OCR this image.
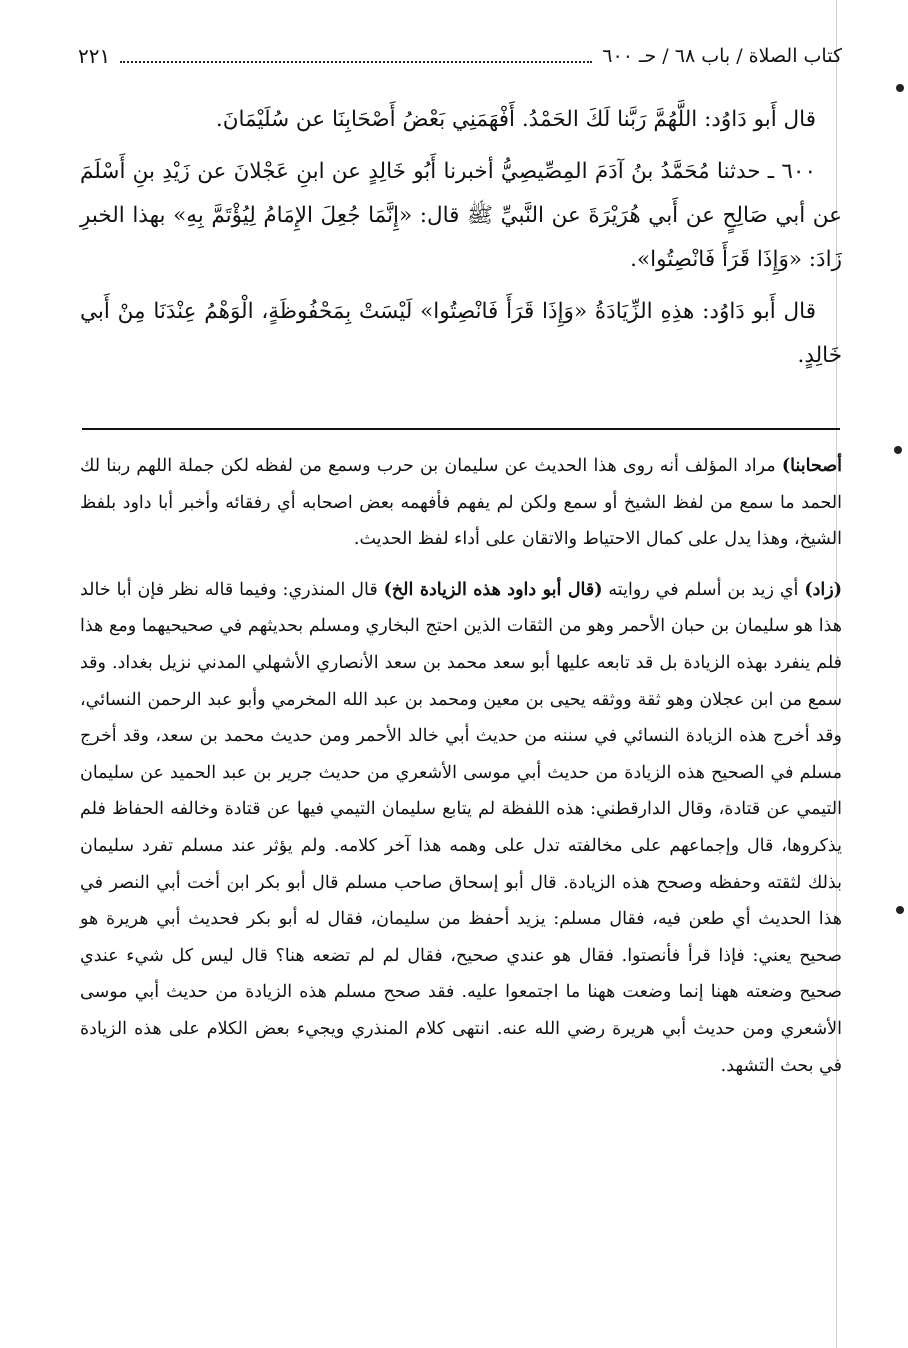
كتاب الصلاة / باب ٦٨ / حـ ٦٠٠
٢٢١

قال أَبو دَاوُد: اللَّهُمَّ رَبَّنا لَكَ الحَمْدُ. أَفْهَمَنِي بَعْضُ أَصْحَابِنَا عن سُلَيْمَانَ.

٦٠٠ ـ حدثنا مُحَمَّدُ بنُ آدَمَ المِصِّيصِيُّ أخبرنا أَبُو خَالِدٍ عن ابنِ عَجْلانَ عن زَيْدِ بنِ أَسْلَمَ عن أبي صَالِحٍ عن أَبي هُرَيْرَةَ عن النَّبيِّ ﷺ قال: «إِنَّمَا جُعِلَ الإِمَامُ لِيُؤْتَمَّ بِهِ» بهذا الخبرِ زَادَ: «وَإِذَا قَرَأَ فَانْصِتُوا».

قال أَبو دَاوُد: هذِهِ الزِّيَادَةُ «وَإِذَا قَرَأَ فَانْصِتُوا» لَيْسَتْ بِمَحْفُوظَةٍ، الْوَهْمُ عِنْدَنَا مِنْ أَبي خَالِدٍ.

أصحابنا) مراد المؤلف أنه روى هذا الحديث عن سليمان بن حرب وسمع من لفظه لكن جملة اللهم ربنا لك الحمد ما سمع من لفظ الشيخ أو سمع ولكن لم يفهم فأفهمه بعض اصحابه أي رفقائه وأخبر أبا داود بلفظ الشيخ، وهذا يدل على كمال الاحتياط والاتقان على أداء لفظ الحديث.

(زاد) أي زيد بن أسلم في روايته (قال أبو داود هذه الزيادة الخ) قال المنذري: وفيما قاله نظر فإن أبا خالد هذا هو سليمان بن حبان الأحمر وهو من الثقات الذين احتج البخاري ومسلم بحديثهم في صحيحيهما ومع هذا فلم ينفرد بهذه الزيادة بل قد تابعه عليها أبو سعد محمد بن سعد الأنصاري الأشهلي المدني نزيل بغداد. وقد سمع من ابن عجلان وهو ثقة ووثقه يحيى بن معين ومحمد بن عبد الله المخرمي وأبو عبد الرحمن النسائي، وقد أخرج هذه الزيادة النسائي في سننه من حديث أبي خالد الأحمر ومن حديث محمد بن سعد، وقد أخرج مسلم في الصحيح هذه الزيادة من حديث أبي موسى الأشعري من حديث جرير بن عبد الحميد عن سليمان التيمي عن قتادة، وقال الدارقطني: هذه اللفظة لم يتابع سليمان التيمي فيها عن قتادة وخالفه الحفاظ فلم يذكروها، قال وإجماعهم على مخالفته تدل على وهمه هذا آخر كلامه. ولم يؤثر عند مسلم تفرد سليمان بذلك لثقته وحفظه وصحح هذه الزيادة. قال أبو إسحاق صاحب مسلم قال أبو بكر ابن أخت أبي النصر في هذا الحديث أي طعن فيه، فقال مسلم: يزيد أحفظ من سليمان، فقال له أبو بكر فحديث أبي هريرة هو صحيح يعني: فإذا قرأ فأنصتوا. فقال هو عندي صحيح، فقال لم لم تضعه هنا؟ قال ليس كل شيء عندي صحيح وضعته ههنا إنما وضعت ههنا ما اجتمعوا عليه. فقد صحح مسلم هذه الزيادة من حديث أبي موسى الأشعري ومن حديث أبي هريرة رضي الله عنه. انتهى كلام المنذري ويجيء بعض الكلام على هذه الزيادة في بحث التشهد.
